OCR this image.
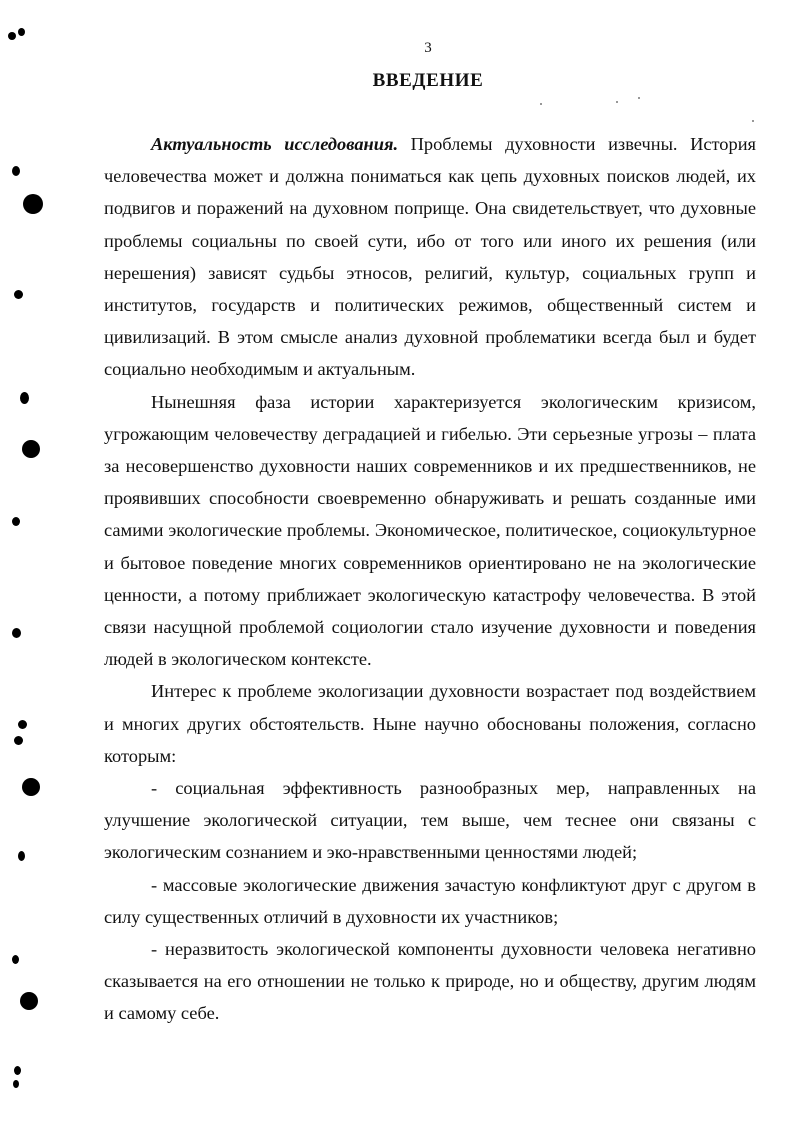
3
ВВЕДЕНИЕ

Актуальность исследования. Проблемы духовности извечны. История человечества может и должна пониматься как цепь духовных поисков людей, их подвигов и поражений на духовном поприще. Она свидетельствует, что духовные проблемы социальны по своей сути, ибо от того или иного их решения (или нерешения) зависят судьбы этносов, религий, культур, социальных групп и институтов, государств и политических режимов, общественный систем и цивилизаций. В этом смысле анализ духовной проблематики всегда был и будет социально необходимым и актуальным.

Нынешняя фаза истории характеризуется экологическим кризисом, угрожающим человечеству деградацией и гибелью. Эти серьезные угрозы – плата за несовершенство духовности наших современников и их предшественников, не проявивших способности своевременно обнаруживать и решать созданные ими самими экологические проблемы. Экономическое, политическое, социокультурное и бытовое поведение многих современников ориентировано не на экологические ценности, а потому приближает экологическую катастрофу человечества. В этой связи насущной проблемой социологии стало изучение духовности и поведения людей в экологическом контексте.

Интерес к проблеме экологизации духовности возрастает под воздействием и многих других обстоятельств. Ныне научно обоснованы положения, согласно которым:

- социальная эффективность разнообразных мер, направленных на улучшение экологической ситуации, тем выше, чем теснее они связаны с экологическим сознанием и эко-нравственными ценностями людей;

- массовые экологические движения зачастую конфликтуют друг с другом в силу существенных отличий в духовности их участников;

- неразвитость экологической компоненты духовности человека негативно сказывается на его отношении не только к природе, но и обществу, другим людям и самому себе.
